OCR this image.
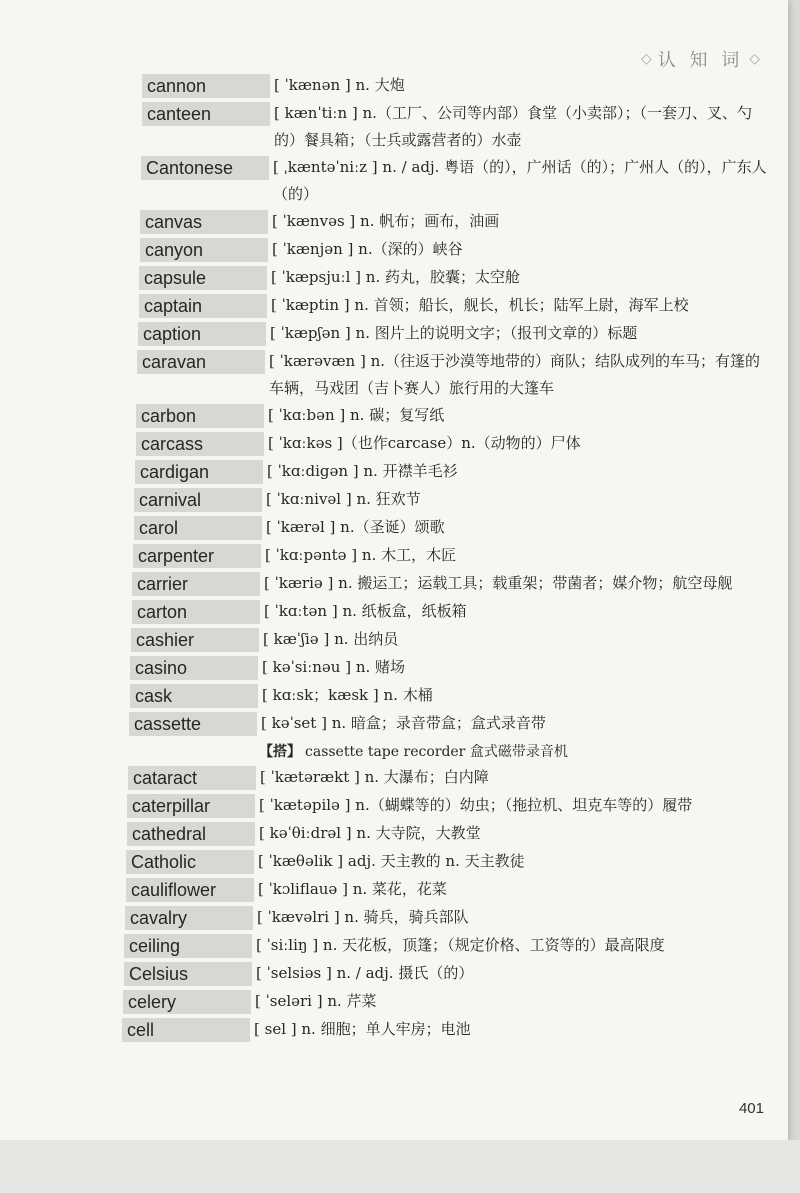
◇ 认 知 词 ◇
cannon	[ ˈkænən ] n. 大炮
canteen	[ kænˈtiːn ] n.（工厂、公司等内部）食堂（小卖部）；（一套刀、叉、勺的）餐具箱；（士兵或露营者的）水壶
Cantonese	[ ˌkæntəˈniːz ] n. / adj. 粤语（的），广州话（的）；广州人（的），广东人（的）
canvas	[ ˈkænvəs ] n. 帆布；画布，油画
canyon	[ ˈkænjən ] n.（深的）峡谷
capsule	[ ˈkæpsjuːl ] n. 药丸，胶囊；太空舱
captain	[ ˈkæptin ] n. 首领；船长，舰长，机长；陆军上尉，海军上校
caption	[ ˈkæpʃən ] n. 图片上的说明文字；（报刊文章的）标题
caravan	[ ˈkærəvæn ] n.（往返于沙漠等地带的）商队；结队成列的车马；有篷的车辆，马戏团（吉卜赛人）旅行用的大篷车
carbon	[ ˈkɑːbən ] n. 碳；复写纸
carcass	[ ˈkɑːkəs ]（也作carcase）n.（动物的）尸体
cardigan	[ ˈkɑːdigən ] n. 开襟羊毛衫
carnival	[ ˈkɑːnivəl ] n. 狂欢节
carol	[ ˈkærəl ] n.（圣诞）颂歌
carpenter	[ ˈkɑːpəntə ] n. 木工，木匠
carrier	[ ˈkæriə ] n. 搬运工；运载工具；载重架；带菌者；媒介物；航空母舰
carton	[ ˈkɑːtən ] n. 纸板盒，纸板箱
cashier	[ kæˈʃiə ] n. 出纳员
casino	[ kəˈsiːnəu ] n. 赌场
cask	[ kɑːsk；kæsk ] n. 木桶
cassette	[ kəˈset ] n. 暗盒；录音带盒；盒式录音带
【搭】 cassette tape recorder 盒式磁带录音机
cataract	[ ˈkætərækt ] n. 大瀑布；白内障
caterpillar	[ ˈkætəpilə ] n.（蝴蝶等的）幼虫；（拖拉机、坦克车等的）履带
cathedral	[ kəˈθiːdrəl ] n. 大寺院，大教堂
Catholic	[ ˈkæθəlik ] adj. 天主教的 n. 天主教徒
cauliflower	[ ˈkɔliflauə ] n. 菜花，花菜
cavalry	[ ˈkævəlri ] n. 骑兵，骑兵部队
ceiling	[ ˈsiːliŋ ] n. 天花板，顶篷；（规定价格、工资等的）最高限度
Celsius	[ ˈselsiəs ] n. / adj. 摄氏（的）
celery	[ ˈseləri ] n. 芹菜
cell	[ sel ] n. 细胞；单人牢房；电池
401
